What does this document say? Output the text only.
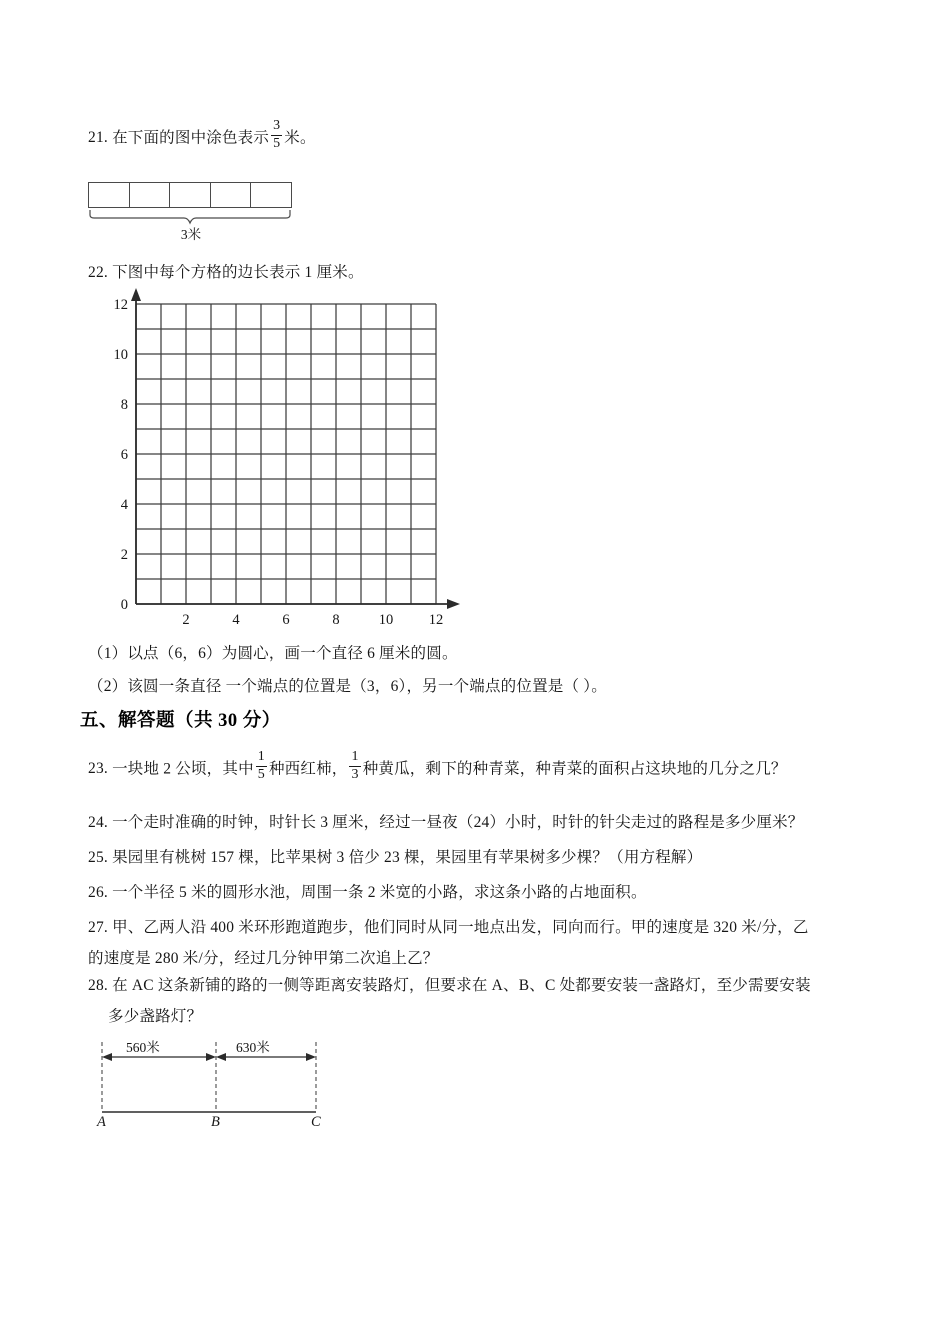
21. 在下面的图中涂色表示 $\frac{3}{5}$ 米。
3米
22. 下图中每个方格的边长表示 1 厘米。
12
10
8
6
4
2
0
2	4	6	8	10 12
（1）以点（6，6）为圆心，画一个直径 6 厘米的圆。
（2）该圆一条直径 一个端点的位置是（3，6），另一个端点的位置是（ ）。
五、解答题（共 30 分）
23. 一块地 2 公顷，其中 $\frac{1}{5}$ 种西红柿， $\frac{1}{3}$ 种黄瓜，剩下的种青菜，种青菜的面积占这块地的几分之几？
24. 一个走时准确的时钟，时针长 3 厘米，经过一昼夜（24）小时，时针的针尖走过的路程是多少厘米？
25. 果园里有桃树 157 棵，比苹果树 3 倍少 23 棵，果园里有苹果树多少棵？（用方程解）
26. 一个半径 5 米的圆形水池，周围一条 2 米宽的小路，求这条小路的占地面积。
27. 甲、乙两人沿 400 米环形跑道跑步，他们同时从同一地点出发，同向而行。甲的速度是 320 米/分，乙
的速度是 280 米/分，经过几分钟甲第二次追上乙？
28. 在 AC 这条新铺的路的一侧等距离安装路灯，但要求在 A、B、C 处都要安装一盏路灯，至少需要安装
多少盏路灯？
560米	630米
A	B	C
